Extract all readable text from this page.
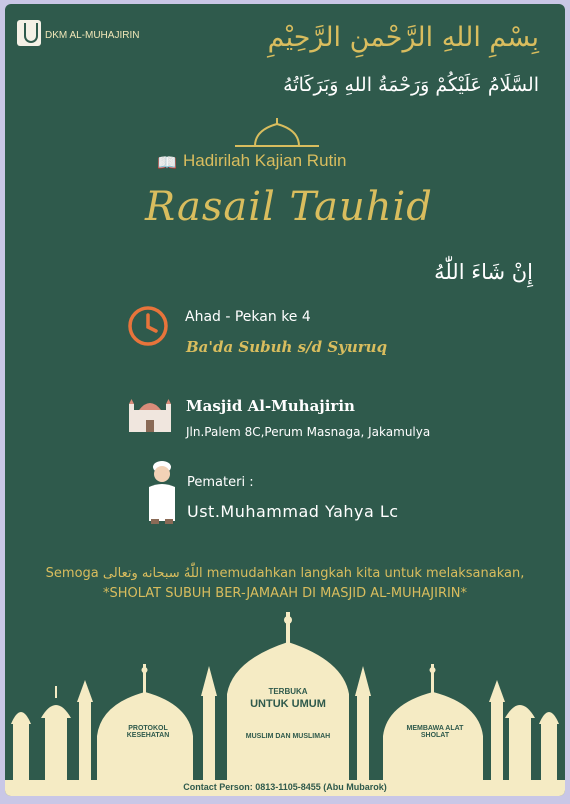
DKM AL-MUHAJIRIN	بِسْمِ اللهِ الرَّحْمنِ الرَّحِيْمِ
السَّلَامُ عَلَيْكُمْ وَرَحْمَةُ اللهِ وَبَرَكَاتُهُ
📖 Hadirilah Kajian Rutin
Rasail Tauhid
إِنْ شَاءَ اللّٰهُ
Ahad - Pekan ke 4
Ba'da Subuh s/d Syuruq
Masjid Al-Muhajirin
Jln.Palem 8C,Perum Masnaga, Jakamulya
Pemateri :
Ust.Muhammad Yahya Lc
Semoga اللّٰهُ سبحانه وتعالى memudahkan langkah kita untuk melaksanakan,
*SHOLAT SUBUH BER-JAMAAH DI MASJID AL-MUHAJIRIN*
PROTOKOL KESEHATAN
TERBUKA
UNTUK UMUM
MUSLIM DAN MUSLIMAH
MEMBAWA ALAT SHOLAT
Contact Person: 0813-1105-8455 (Abu Mubarok)
